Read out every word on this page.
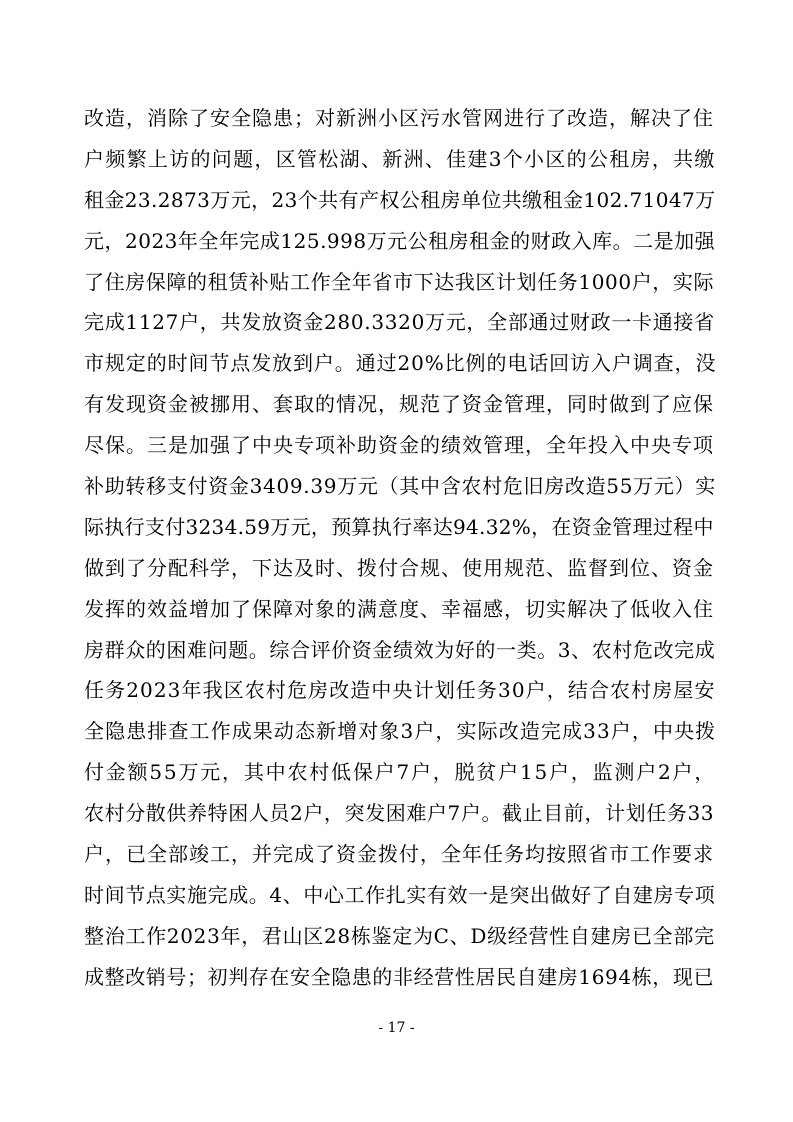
改造，消除了安全隐患；对新洲小区污水管网进行了改造，解决了住
户频繁上访的问题，区管松湖、新洲、佳建3个小区的公租房，共缴
租金23.2873万元，23个共有产权公租房单位共缴租金102.71047万
元，2023年全年完成125.998万元公租房租金的财政入库。二是加强
了住房保障的租赁补贴工作全年省市下达我区计划任务1000户，实际
完成1127户，共发放资金280.3320万元，全部通过财政一卡通接省
市规定的时间节点发放到户。通过20%比例的电话回访入户调查，没
有发现资金被挪用、套取的情况，规范了资金管理，同时做到了应保
尽保。三是加强了中央专项补助资金的绩效管理，全年投入中央专项
补助转移支付资金3409.39万元（其中含农村危旧房改造55万元）实
际执行支付3234.59万元，预算执行率达94.32%，在资金管理过程中
做到了分配科学，下达及时、拨付合规、使用规范、监督到位、资金
发挥的效益增加了保障对象的满意度、幸福感，切实解决了低收入住
房群众的困难问题。综合评价资金绩效为好的一类。3、农村危改完成
任务2023年我区农村危房改造中央计划任务30户，结合农村房屋安
全隐患排查工作成果动态新增对象3户，实际改造完成33户，中央拨
付金额55万元，其中农村低保户7户，脱贫户15户，监测户2户，
农村分散供养特困人员2户，突发困难户7户。截止目前，计划任务33
户，已全部竣工，并完成了资金拨付，全年任务均按照省市工作要求
时间节点实施完成。4、中心工作扎实有效一是突出做好了自建房专项
整治工作2023年，君山区28栋鉴定为C、D级经营性自建房已全部完
成整改销号；初判存在安全隐患的非经营性居民自建房1694栋，现已
- 17 -
